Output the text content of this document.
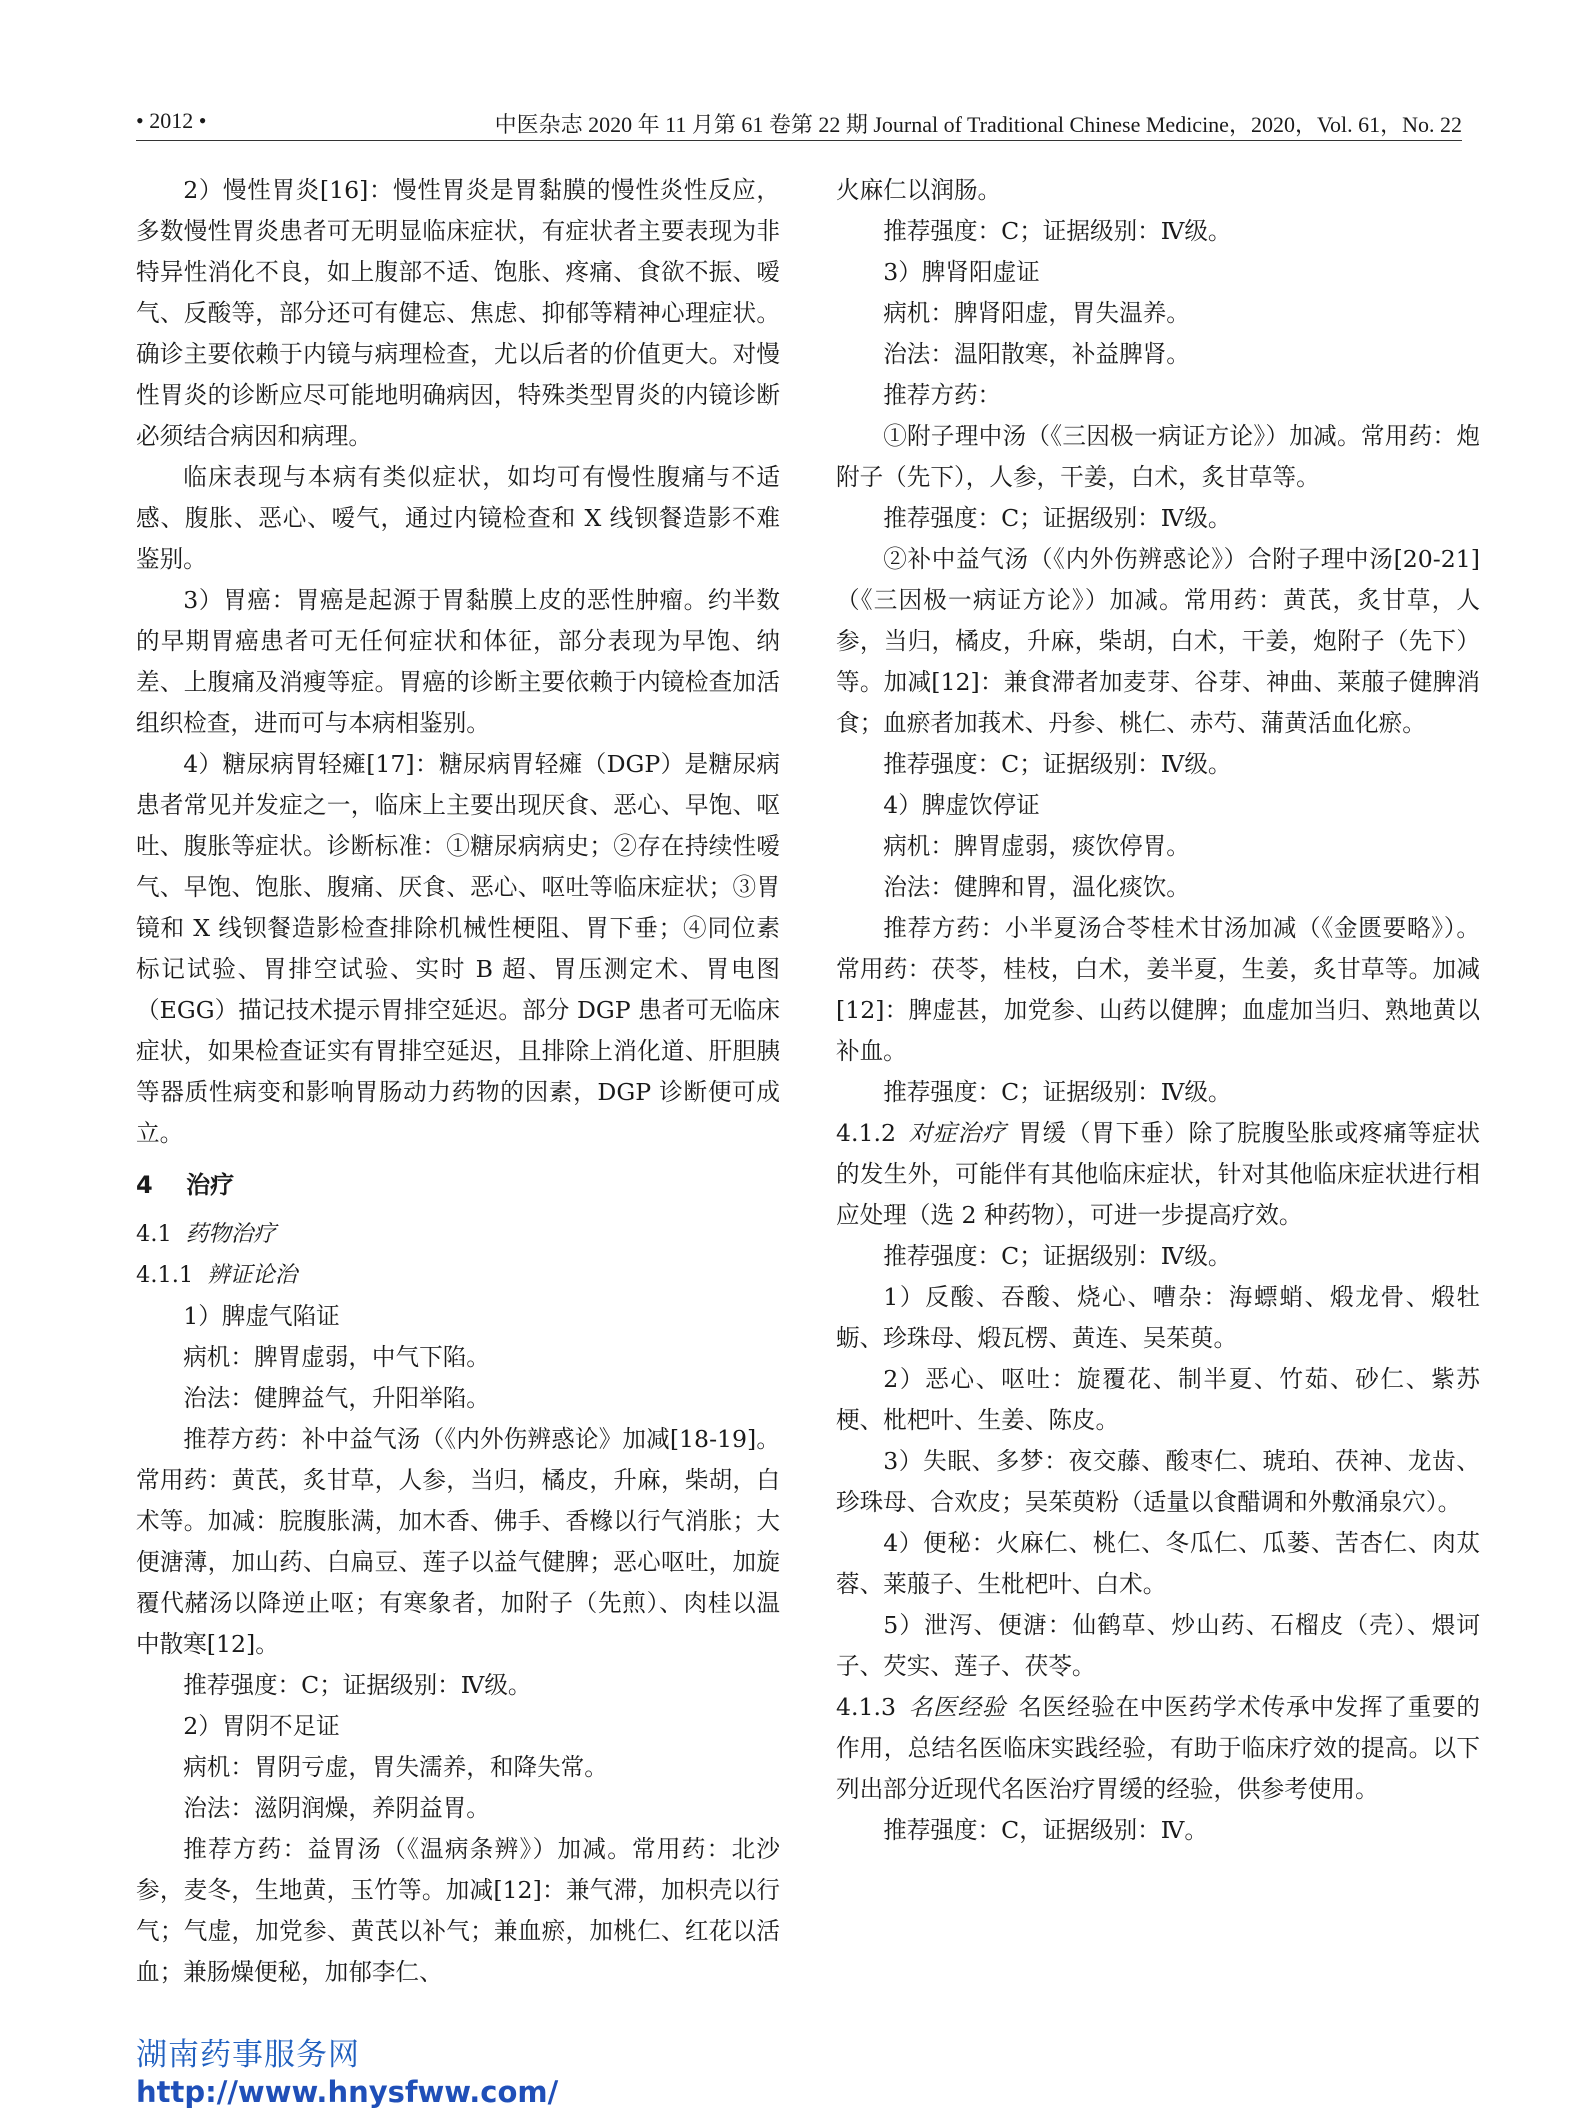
• 2012 •	中医杂志 2020 年 11 月第 61 卷第 22 期 Journal of Traditional Chinese Medicine，2020，Vol. 61，No. 22

2）慢性胃炎[16]：慢性胃炎是胃黏膜的慢性炎性反应，多数慢性胃炎患者可无明显临床症状，有症状者主要表现为非特异性消化不良，如上腹部不适、饱胀、疼痛、食欲不振、嗳气、反酸等，部分还可有健忘、焦虑、抑郁等精神心理症状。确诊主要依赖于内镜与病理检查，尤以后者的价值更大。对慢性胃炎的诊断应尽可能地明确病因，特殊类型胃炎的内镜诊断必须结合病因和病理。

临床表现与本病有类似症状，如均可有慢性腹痛与不适感、腹胀、恶心、嗳气，通过内镜检查和 X 线钡餐造影不难鉴别。

3）胃癌：胃癌是起源于胃黏膜上皮的恶性肿瘤。约半数的早期胃癌患者可无任何症状和体征，部分表现为早饱、纳差、上腹痛及消瘦等症。胃癌的诊断主要依赖于内镜检查加活组织检查，进而可与本病相鉴别。

4）糖尿病胃轻瘫[17]：糖尿病胃轻瘫（DGP）是糖尿病患者常见并发症之一，临床上主要出现厌食、恶心、早饱、呕吐、腹胀等症状。诊断标准：①糖尿病病史；②存在持续性嗳气、早饱、饱胀、腹痛、厌食、恶心、呕吐等临床症状；③胃镜和 X 线钡餐造影检查排除机械性梗阻、胃下垂；④同位素标记试验、胃排空试验、实时 B 超、胃压测定术、胃电图（EGG）描记技术提示胃排空延迟。部分 DGP 患者可无临床症状，如果检查证实有胃排空延迟，且排除上消化道、肝胆胰等器质性病变和影响胃肠动力药物的因素，DGP 诊断便可成立。

4 治疗

4.1 药物治疗

4.1.1 辨证论治

1）脾虚气陷证

病机：脾胃虚弱，中气下陷。

治法：健脾益气，升阳举陷。

推荐方药：补中益气汤（《内外伤辨惑论》加减[18-19]。常用药：黄芪，炙甘草，人参，当归，橘皮，升麻，柴胡，白术等。加减：脘腹胀满，加木香、佛手、香橼以行气消胀；大便溏薄，加山药、白扁豆、莲子以益气健脾；恶心呕吐，加旋覆代赭汤以降逆止呕；有寒象者，加附子（先煎）、肉桂以温中散寒[12]。

推荐强度：C；证据级别：Ⅳ级。

2）胃阴不足证

病机：胃阴亏虚，胃失濡养，和降失常。

治法：滋阴润燥，养阴益胃。

推荐方药：益胃汤（《温病条辨》）加减。常用药：北沙参，麦冬，生地黄，玉竹等。加减[12]：兼气滞，加枳壳以行气；气虚，加党参、黄芪以补气；兼血瘀，加桃仁、红花以活血；兼肠燥便秘，加郁李仁、

火麻仁以润肠。

推荐强度：C；证据级别：Ⅳ级。

3）脾肾阳虚证

病机：脾肾阳虚，胃失温养。

治法：温阳散寒，补益脾肾。

推荐方药：

①附子理中汤（《三因极一病证方论》）加减。常用药：炮附子（先下），人参，干姜，白术，炙甘草等。

推荐强度：C；证据级别：Ⅳ级。

②补中益气汤（《内外伤辨惑论》）合附子理中汤[20-21]（《三因极一病证方论》）加减。常用药：黄芪，炙甘草，人参，当归，橘皮，升麻，柴胡，白术，干姜，炮附子（先下）等。加减[12]：兼食滞者加麦芽、谷芽、神曲、莱菔子健脾消食；血瘀者加莪术、丹参、桃仁、赤芍、蒲黄活血化瘀。

推荐强度：C；证据级别：Ⅳ级。

4）脾虚饮停证

病机：脾胃虚弱，痰饮停胃。

治法：健脾和胃，温化痰饮。

推荐方药：小半夏汤合苓桂术甘汤加减（《金匮要略》）。常用药：茯苓，桂枝，白术，姜半夏，生姜，炙甘草等。加减[12]：脾虚甚，加党参、山药以健脾；血虚加当归、熟地黄以补血。

推荐强度：C；证据级别：Ⅳ级。

4.1.2 对症治疗 胃缓（胃下垂）除了脘腹坠胀或疼痛等症状的发生外，可能伴有其他临床症状，针对其他临床症状进行相应处理（选 2 种药物），可进一步提高疗效。

推荐强度：C；证据级别：Ⅳ级。

1）反酸、吞酸、烧心、嘈杂：海螵蛸、煅龙骨、煅牡蛎、珍珠母、煅瓦楞、黄连、吴茱萸。

2）恶心、呕吐：旋覆花、制半夏、竹茹、砂仁、紫苏梗、枇杷叶、生姜、陈皮。

3）失眠、多梦：夜交藤、酸枣仁、琥珀、茯神、龙齿、珍珠母、合欢皮；吴茱萸粉（适量以食醋调和外敷涌泉穴）。

4）便秘：火麻仁、桃仁、冬瓜仁、瓜蒌、苦杏仁、肉苁蓉、莱菔子、生枇杷叶、白术。

5）泄泻、便溏：仙鹤草、炒山药、石榴皮（壳）、煨诃子、芡实、莲子、茯苓。

4.1.3 名医经验 名医经验在中医药学术传承中发挥了重要的作用，总结名医临床实践经验，有助于临床疗效的提高。以下列出部分近现代名医治疗胃缓的经验，供参考使用。

推荐强度：C，证据级别：Ⅳ。

湖南药事服务网
http://www.hnysfww.com/
